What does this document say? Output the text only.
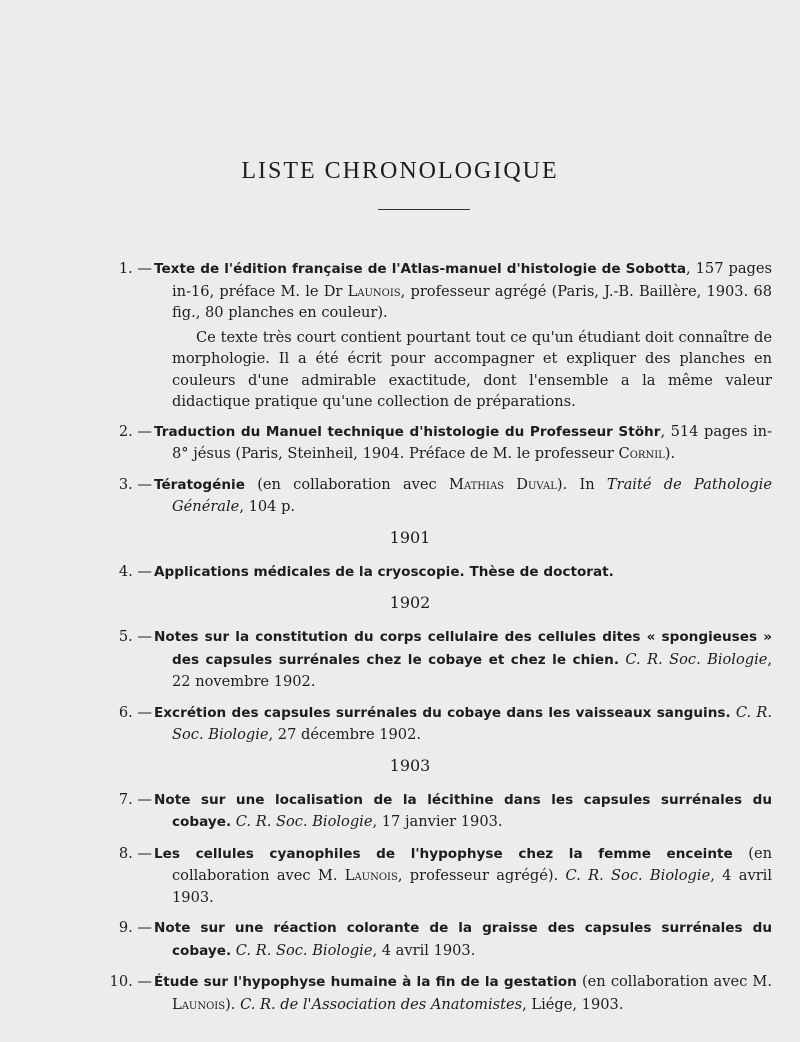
LISTE CHRONOLOGIQUE
1. — Texte de l'édition française de l'Atlas-manuel d'histologie de Sobotta, 157 pages in-16, préface M. le Dr Launois, professeur agrégé (Paris, J.-B. Baillère, 1903. 68 fig., 80 planches en couleur).
Ce texte très court contient pourtant tout ce qu'un étudiant doit connaître de morphologie. Il a été écrit pour accompagner et expliquer des planches en couleurs d'une admirable exactitude, dont l'ensemble a la même valeur didactique pratique qu'une collection de préparations.
2. — Traduction du Manuel technique d'histologie du Professeur Stöhr, 514 pages in-8° jésus (Paris, Steinheil, 1904. Préface de M. le professeur Cornil).
3. — Tératogénie (en collaboration avec Mathias Duval). In Traité de Pathologie Générale, 104 p.
1901
4. — Applications médicales de la cryoscopie. Thèse de doctorat.
1902
5. — Notes sur la constitution du corps cellulaire des cellules dites « spongieuses » des capsules surrénales chez le cobaye et chez le chien. C. R. Soc. Biologie, 22 novembre 1902.
6. — Excrétion des capsules surrénales du cobaye dans les vaisseaux sanguins. C. R. Soc. Biologie, 27 décembre 1902.
1903
7. — Note sur une localisation de la lécithine dans les capsules surrénales du cobaye. C. R. Soc. Biologie, 17 janvier 1903.
8. — Les cellules cyanophiles de l'hypophyse chez la femme enceinte (en collaboration avec M. Launois, professeur agrégé). C. R. Soc. Biologie, 4 avril 1903.
9. — Note sur une réaction colorante de la graisse des capsules surrénales du cobaye. C. R. Soc. Biologie, 4 avril 1903.
10. — Étude sur l'hypophyse humaine à la fin de la gestation (en collaboration avec M. Launois). C. R. de l'Association des Anatomistes, Liége, 1903.
